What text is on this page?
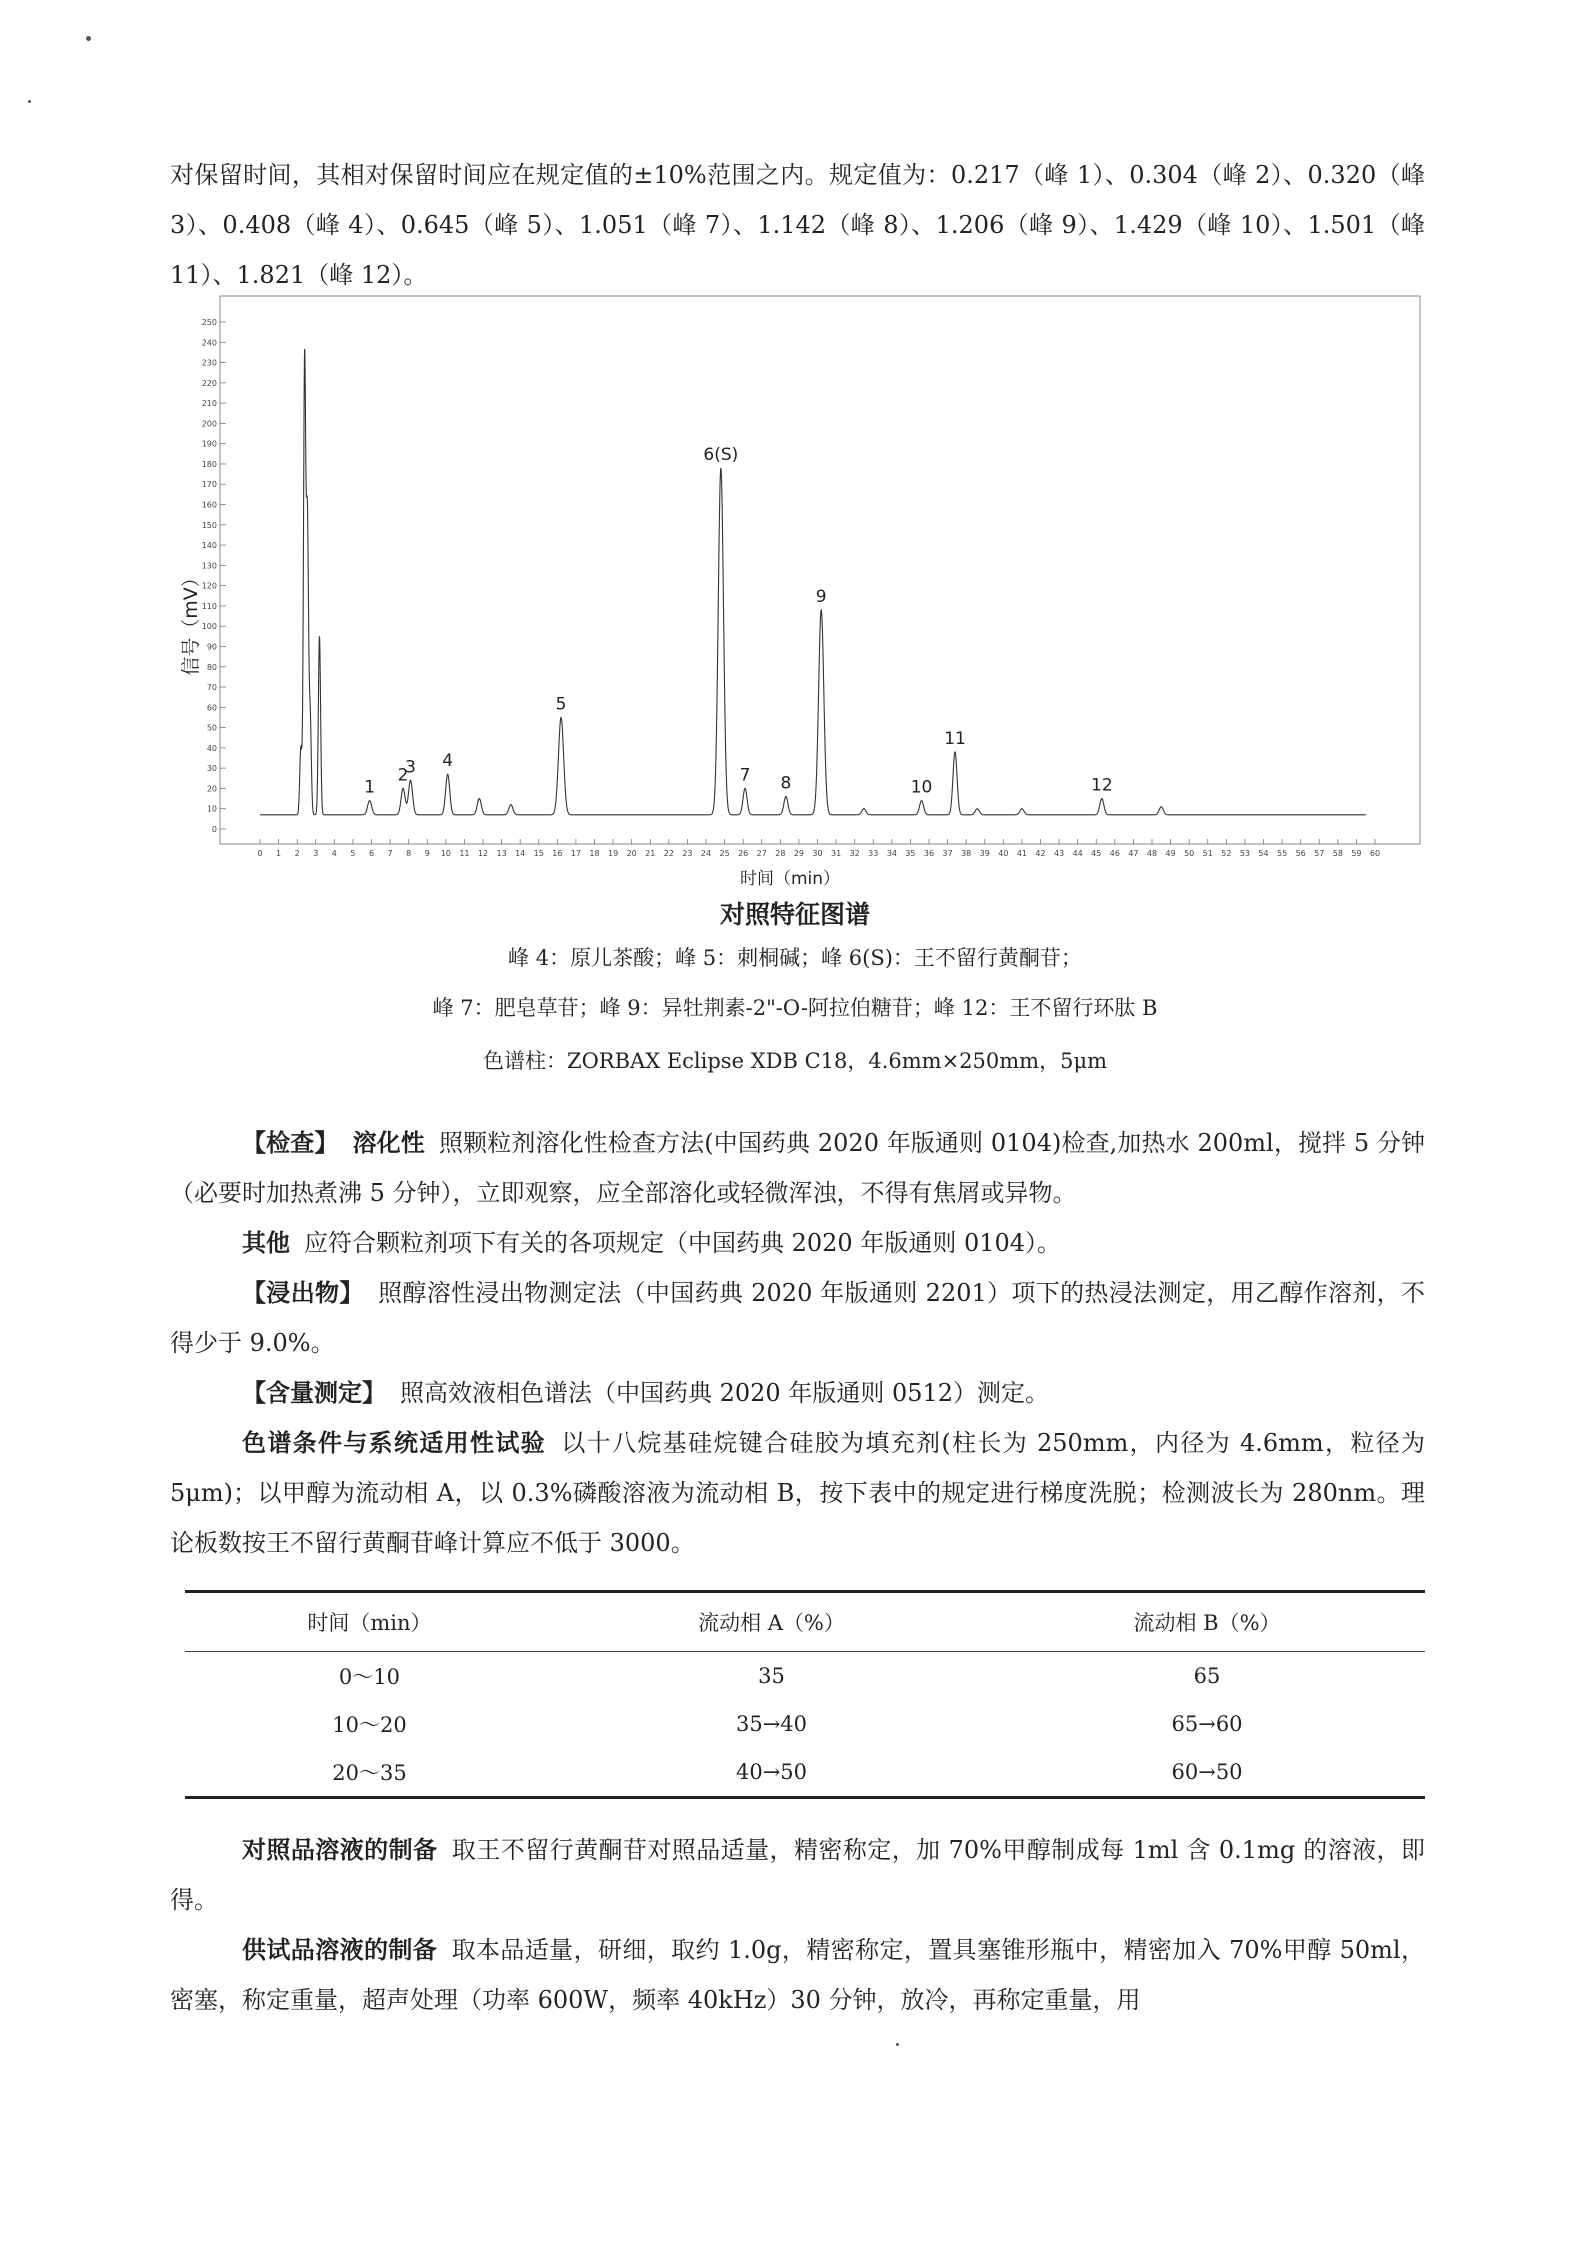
对保留时间，其相对保留时间应在规定值的±10%范围之内。规定值为：0.217（峰 1）、0.304（峰 2）、0.320（峰 3）、0.408（峰 4）、0.645（峰 5）、1.051（峰 7）、1.142（峰 8）、1.206（峰 9）、1.429（峰 10）、1.501（峰 11）、1.821（峰 12）。
0
10
20
30
40
50
60
70
80
90
100
110
120
130
140
150
160
170
180
190
200
210
220
230
240
250
0 1 2 3 4 5 6 7 8 9 10 11 12 13 14 15 16 17 18 19 20 21 22 23 24 25 26 27 28 29 30 31 32 33 34 35 36 37 38 39 40 41 42 43 44 45 46 47 48 49 50 51 52 53 54 55 56 57 58 59 60
时间（min）
信号（mV）
1
2
3 4
5
6(S)
7 8
9
10
11
12
对照特征图谱
峰 4：原儿茶酸；峰 5：刺桐碱；峰 6(S)：王不留行黄酮苷；
峰 7：肥皂草苷；峰 9：异牡荆素-2"-O-阿拉伯糖苷；峰 12：王不留行环肽 B
色谱柱：ZORBAX Eclipse XDB C18，4.6mm×250mm，5μm
【检查】 溶化性 照颗粒剂溶化性检查方法(中国药典 2020 年版通则 0104)检查,加热水 200ml，搅拌 5 分钟（必要时加热煮沸 5 分钟），立即观察，应全部溶化或轻微浑浊，不得有焦屑或异物。
其他 应符合颗粒剂项下有关的各项规定（中国药典 2020 年版通则 0104）。
【浸出物】 照醇溶性浸出物测定法（中国药典 2020 年版通则 2201）项下的热浸法测定，用乙醇作溶剂，不得少于 9.0%。
【含量测定】 照高效液相色谱法（中国药典 2020 年版通则 0512）测定。
色谱条件与系统适用性试验 以十八烷基硅烷键合硅胶为填充剂(柱长为 250mm，内径为 4.6mm，粒径为 5μm)；以甲醇为流动相 A，以 0.3%磷酸溶液为流动相 B，按下表中的规定进行梯度洗脱；检测波长为 280nm。理论板数按王不留行黄酮苷峰计算应不低于 3000。
时间（min）	流动相 A（%）	流动相 B（%）
0～10	35	65
10～20	35→40	65→60
20～35	40→50	60→50
对照品溶液的制备 取王不留行黄酮苷对照品适量，精密称定，加 70%甲醇制成每 1ml 含 0.1mg 的溶液，即得。
供试品溶液的制备 取本品适量，研细，取约 1.0g，精密称定，置具塞锥形瓶中，精密加入 70%甲醇 50ml，密塞，称定重量，超声处理（功率 600W，频率 40kHz）30 分钟，放冷，再称定重量，用
